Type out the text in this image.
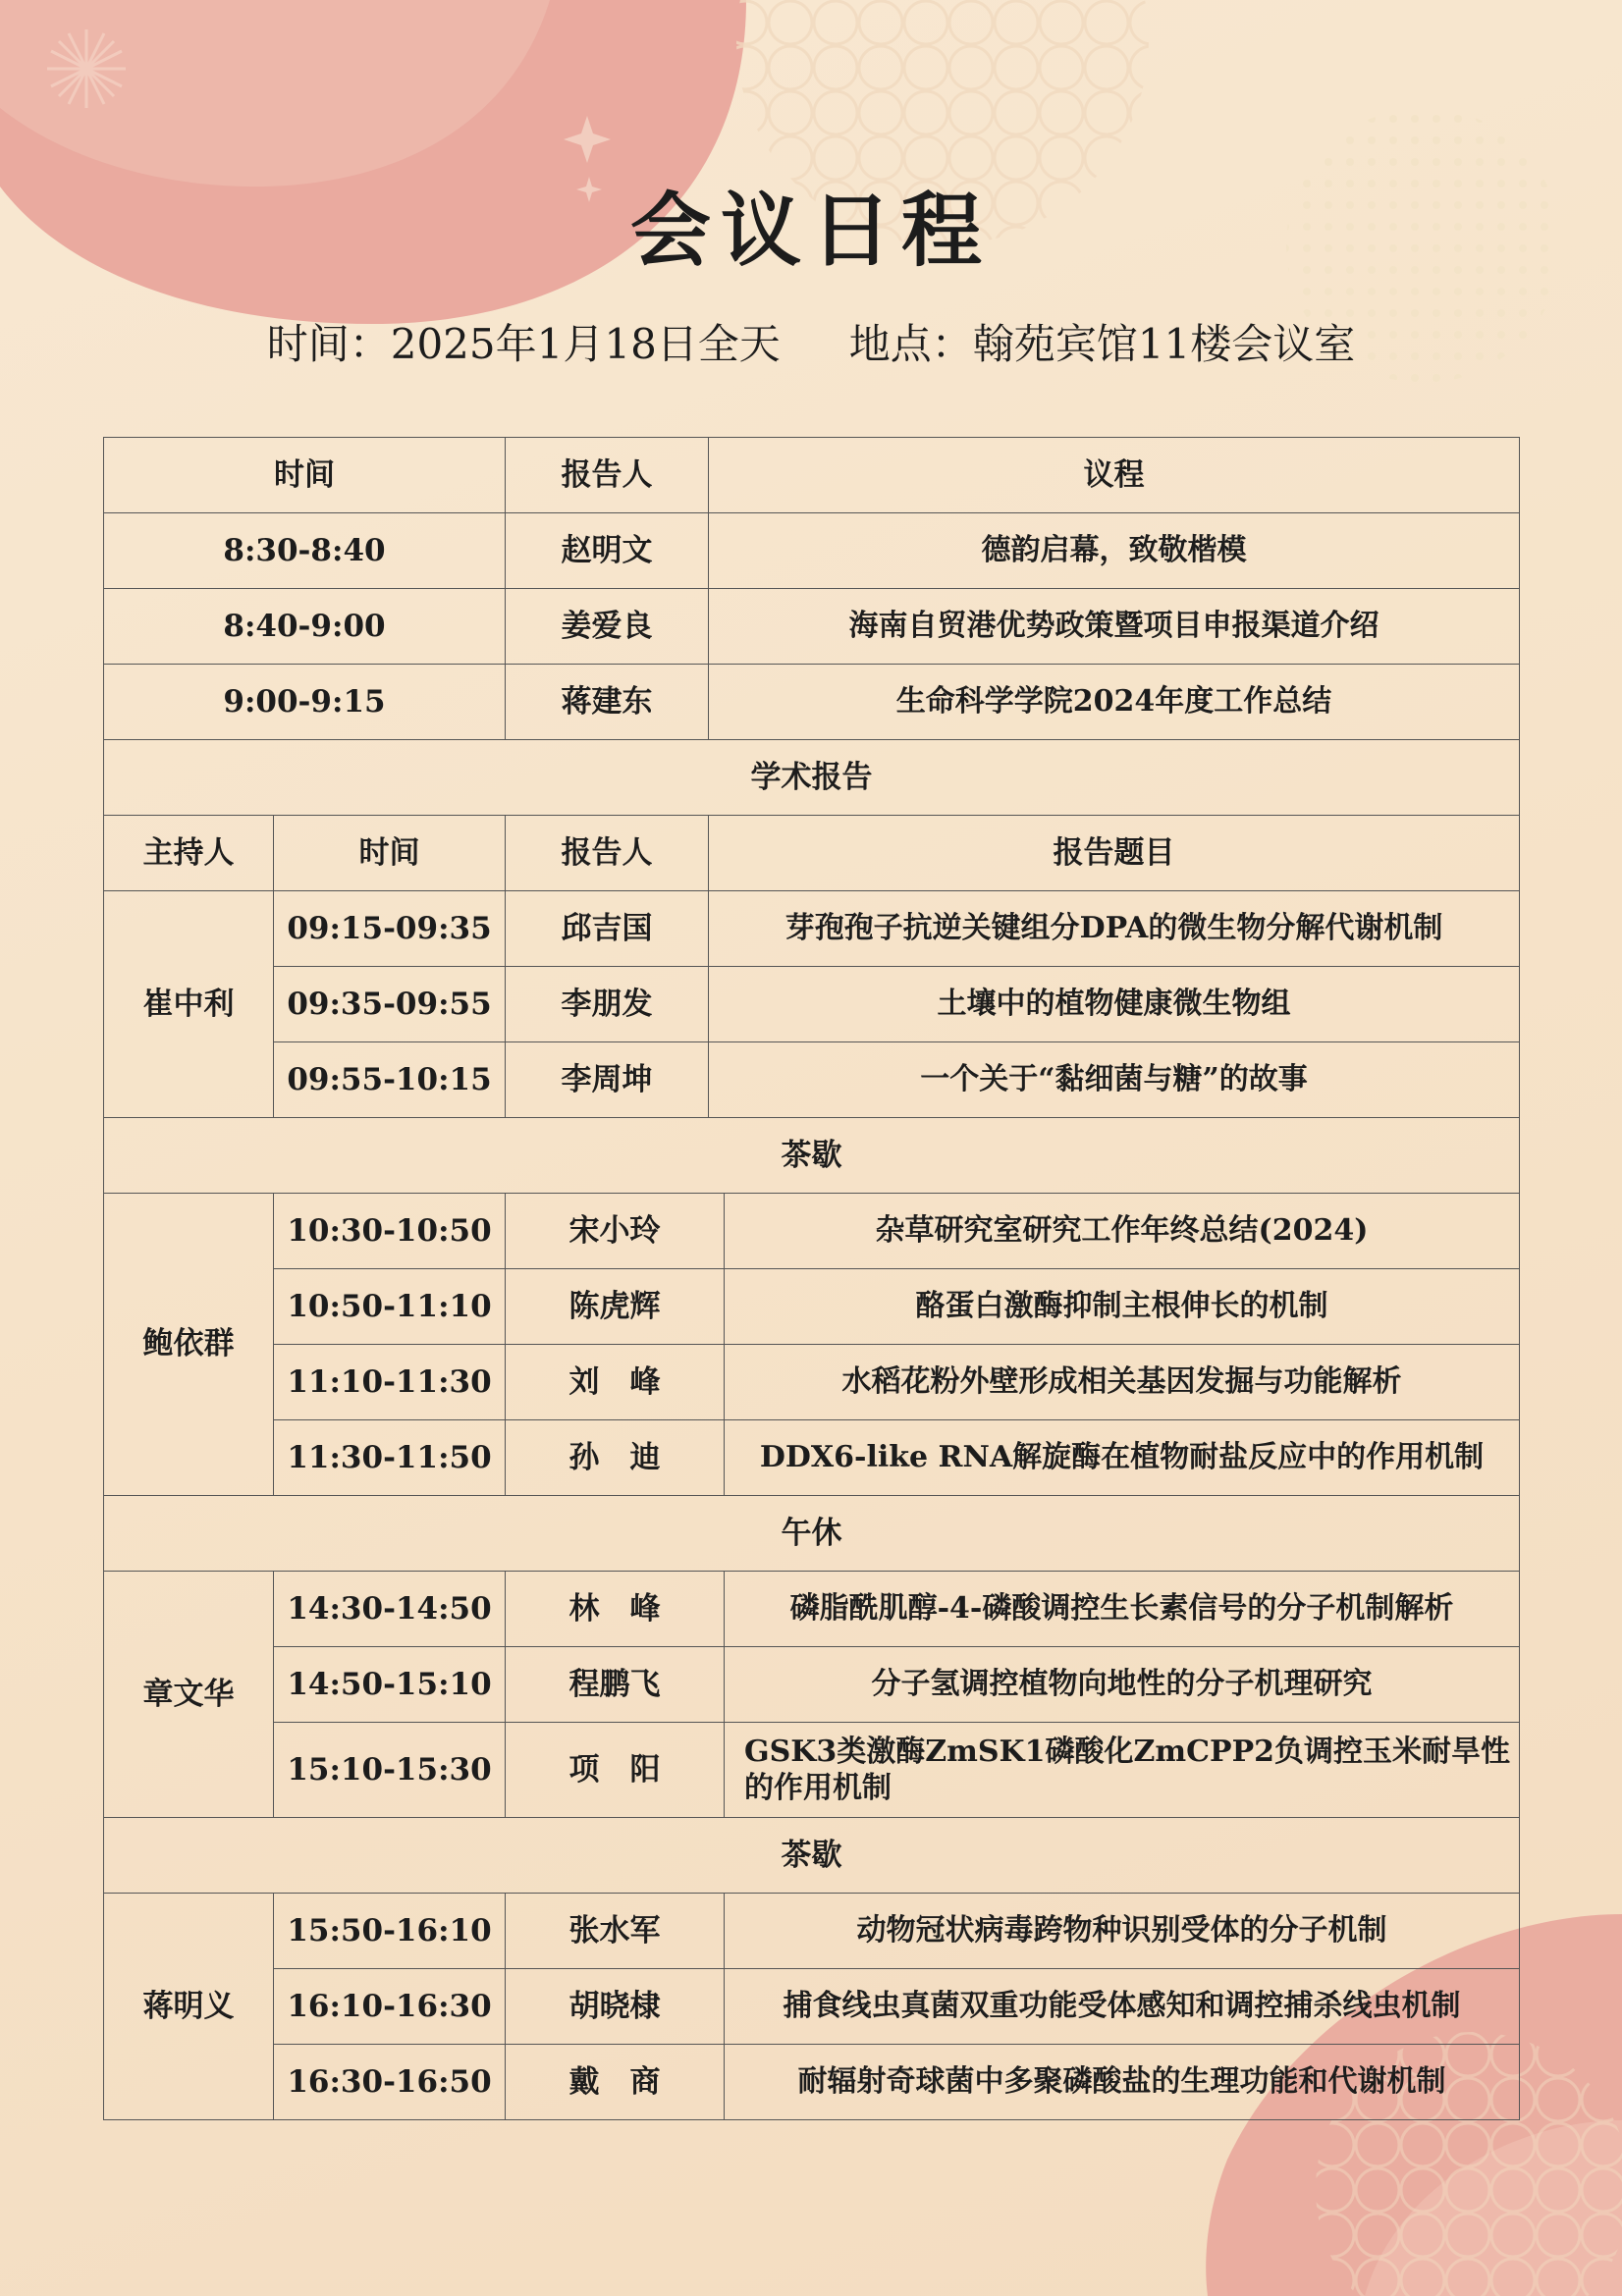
会议日程
时间：2025年1月18日全天 地点：翰苑宾馆11楼会议室
时间		报告人	议程	
8:30-8:40		赵明文	德韵启幕，致敬楷模	
8:40-9:00		姜爱良	海南自贸港优势政策暨项目申报渠道介绍	
9:00-9:15		蒋建东	生命科学学院2024年度工作总结	
学术报告				
主持人	时间	报告人	报告题目	
崔中利	09:15-09:35	邱吉国	芽孢孢子抗逆关键组分DPA的微生物分解代谢机制	
	09:35-09:55	李朋发	土壤中的植物健康微生物组	
	09:55-10:15	李周坤	一个关于“黏细菌与糖”的故事	
茶歇				
鲍依群	10:30-10:50	宋小玲		杂草研究室研究工作年终总结(2024)
	10:50-11:10	陈虎辉		酪蛋白激酶抑制主根伸长的机制
	11:10-11:30	刘　峰		水稻花粉外壁形成相关基因发掘与功能解析
	11:30-11:50	孙　迪		DDX6-like RNA解旋酶在植物耐盐反应中的作用机制
午休				
章文华	14:30-14:50	林　峰		磷脂酰肌醇-4-磷酸调控生长素信号的分子机制解析
	14:50-15:10	程鹏飞		分子氢调控植物向地性的分子机理研究
	15:10-15:30	项　阳		GSK3类激酶ZmSK1磷酸化ZmCPP2负调控玉米耐旱性的作用机制
茶歇				
蒋明义	15:50-16:10	张水军		动物冠状病毒跨物种识别受体的分子机制
	16:10-16:30	胡晓棣		捕食线虫真菌双重功能受体感知和调控捕杀线虫机制
	16:30-16:50	戴　商		耐辐射奇球菌中多聚磷酸盐的生理功能和代谢机制
